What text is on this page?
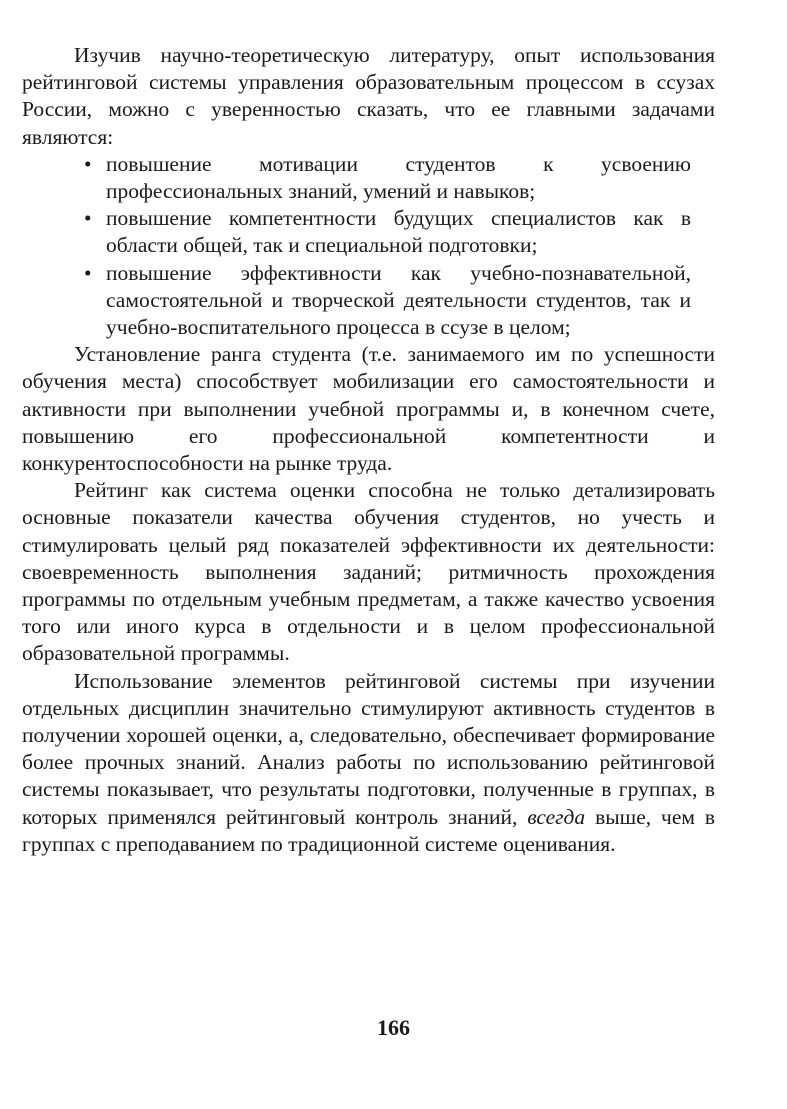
Изучив научно-теоретическую литературу, опыт использования рейтинговой системы управления образовательным процессом в ссузах России, можно с уверенностью сказать, что ее главными задачами являются:

• повышение мотивации студентов к усвоению профессиональных знаний, умений и навыков;
• повышение компетентности будущих специалистов как в области общей, так и специальной подготовки;
• повышение эффективности как учебно-познавательной, самостоятельной и творческой деятельности студентов, так и учебно-воспитательного процесса в ссузе в целом;

Установление ранга студента (т.е. занимаемого им по успешности обучения места) способствует мобилизации его самостоятельности и активности при выполнении учебной программы и, в конечном счете, повышению его профессиональной компетентности и конкурентоспособности на рынке труда.

Рейтинг как система оценки способна не только детализировать основные показатели качества обучения студентов, но учесть и стимулировать целый ряд показателей эффективности их деятельности: своевременность выполнения заданий; ритмичность прохождения программы по отдельным учебным предметам, а также качество усвоения того или иного курса в отдельности и в целом профессиональной образовательной программы.

Использование элементов рейтинговой системы при изучении отдельных дисциплин значительно стимулируют активность студентов в получении хорошей оценки, а, следовательно, обеспечивает формирование более прочных знаний. Анализ работы по использованию рейтинговой системы показывает, что результаты подготовки, полученные в группах, в которых применялся рейтинговый контроль знаний, всегда выше, чем в группах с преподаванием по традиционной системе оценивания.

166
